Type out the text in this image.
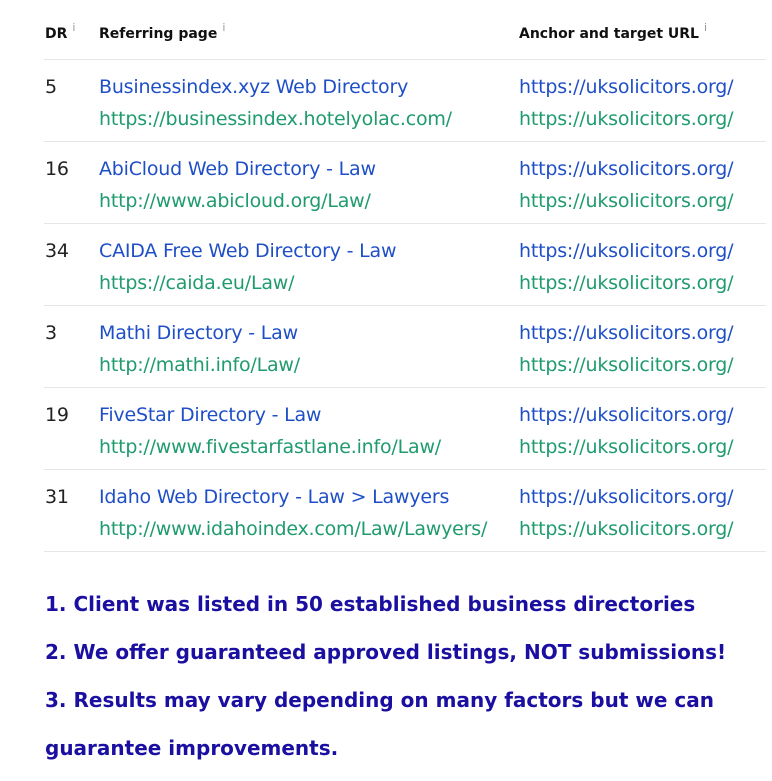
DR $^i$ Referring page $^i$	Anchor and target URL $^i$
5 Businessindex.xyz Web Directory
https://businessindex.hotelyolac.com/
https://uksolicitors.org/
https://uksolicitors.org/
16 AbiCloud Web Directory - Law
http://www.abicloud.org/Law/
https://uksolicitors.org/
https://uksolicitors.org/
34 CAIDA Free Web Directory - Law
https://caida.eu/Law/
https://uksolicitors.org/
https://uksolicitors.org/
3 Mathi Directory - Law
http://mathi.info/Law/
https://uksolicitors.org/
https://uksolicitors.org/
19 FiveStar Directory - Law
http://www.fivestarfastlane.info/Law/
https://uksolicitors.org/
https://uksolicitors.org/
31 Idaho Web Directory - Law > Lawyers
http://www.idahoindex.com/Law/Lawyers/
https://uksolicitors.org/
https://uksolicitors.org/
1. Client was listed in 50 established business directories
2. We offer guaranteed approved listings, NOT submissions!
3. Results may vary depending on many factors but we can
guarantee improvements.
